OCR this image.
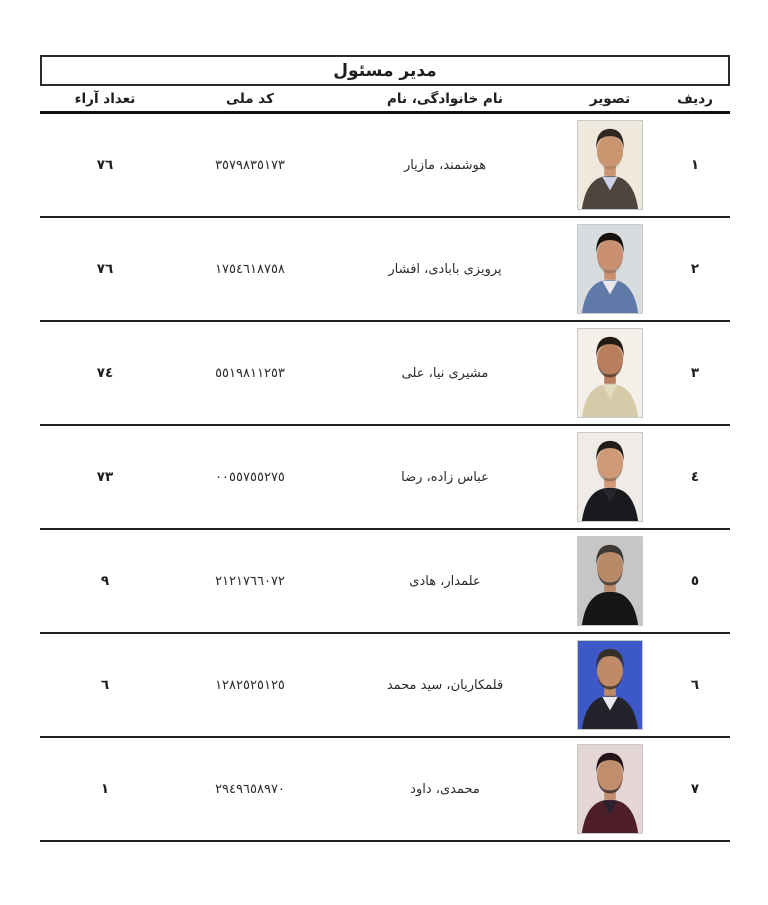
مدیر مسئول
ردیف
تصویر
نام خانوادگی، نام
کد ملی
تعداد آراء
١
هوشمند، مازیار
٣٥٧٩٨٣٥١٧٣
٧٦
٢
پرویزی بابادی، افشار
١٧٥٤٦١٨٧٥٨
٧٦
٣
مشیری نیا، علی
٥٥١٩٨١١٢٥٣
٧٤
٤
عباس زاده، رضا
٠٠٥٥٧٥٥٢٧٥
٧٣
٥
علمدار، هادی
٢١٢١٧٦٦٠٧٢
٩
٦
قلمکاریان، سید محمد
١٢٨٢٥٢٥١٢٥
٦
٧
محمدی، داود
٢٩٤٩٦٥٨٩٧٠
١
